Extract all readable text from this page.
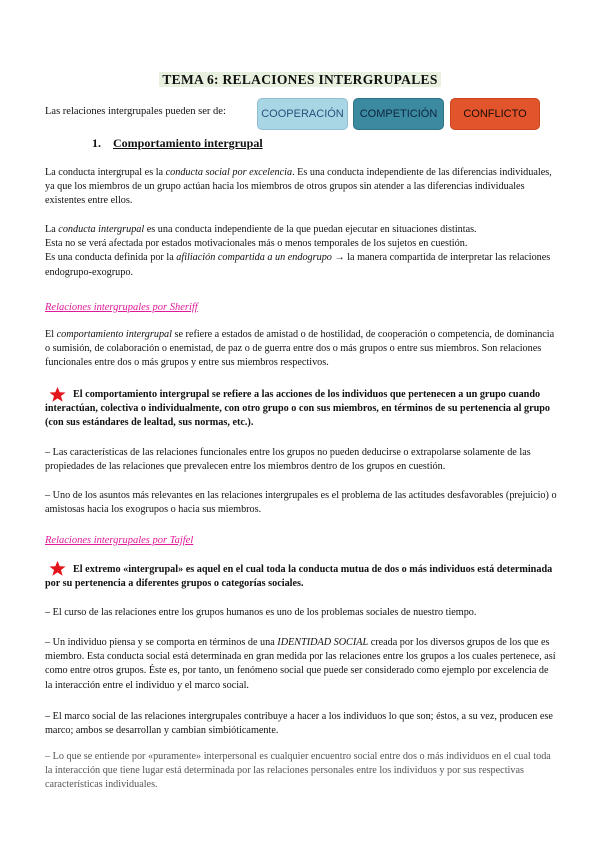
TEMA 6: RELACIONES INTERGRUPALES
Las relaciones intergrupales pueden ser de:	COOPERACIÓN	COMPETICIÓN	CONFLICTO
1. Comportamiento intergrupal
La conducta intergrupal es la conducta social por excelencia. Es una conducta independiente de las diferencias individuales, ya que los miembros de un grupo actúan hacia los miembros de otros grupos sin atender a las diferencias individuales existentes entre ellos.
La conducta intergrupal es una conducta independiente de la que puedan ejecutar en situaciones distintas.
Esta no se verá afectada por estados motivacionales más o menos temporales de los sujetos en cuestión.
Es una conducta definida por la afiliación compartida a un endogrupo → la manera compartida de interpretar las relaciones endogrupo-exogrupo.
Relaciones intergrupales por Sheriff
El comportamiento intergrupal se refiere a estados de amistad o de hostilidad, de cooperación o competencia, de dominancia o sumisión, de colaboración o enemistad, de paz o de guerra entre dos o más grupos o entre sus miembros. Son relaciones funcionales entre dos o más grupos y entre sus miembros respectivos.
El comportamiento intergrupal se refiere a las acciones de los individuos que pertenecen a un grupo cuando interactúan, colectiva o individualmente, con otro grupo o con sus miembros, en términos de su pertenencia al grupo (con sus estándares de lealtad, sus normas, etc.).
– Las características de las relaciones funcionales entre los grupos no pueden deducirse o extrapolarse solamente de las propiedades de las relaciones que prevalecen entre los miembros dentro de los grupos en cuestión.
– Uno de los asuntos más relevantes en las relaciones intergrupales es el problema de las actitudes desfavorables (prejuicio) o amistosas hacia los exogrupos o hacia sus miembros.
Relaciones intergrupales por Tajfel
El extremo «intergrupal» es aquel en el cual toda la conducta mutua de dos o más individuos está determinada por su pertenencia a diferentes grupos o categorías sociales.
– El curso de las relaciones entre los grupos humanos es uno de los problemas sociales de nuestro tiempo.
– Un individuo piensa y se comporta en términos de una IDENTIDAD SOCIAL creada por los diversos grupos de los que es miembro. Esta conducta social está determinada en gran medida por las relaciones entre los grupos a los cuales pertenece, así como entre otros grupos. Éste es, por tanto, un fenómeno social que puede ser considerado como ejemplo por excelencia de la interacción entre el individuo y el marco social.
– El marco social de las relaciones intergrupales contribuye a hacer a los individuos lo que son; éstos, a su vez, producen ese marco; ambos se desarrollan y cambian simbióticamente.
– Lo que se entiende por «puramente» interpersonal es cualquier encuentro social entre dos o más individuos en el cual toda la interacción que tiene lugar está determinada por las relaciones personales entre los individuos y por sus respectivas características individuales.
